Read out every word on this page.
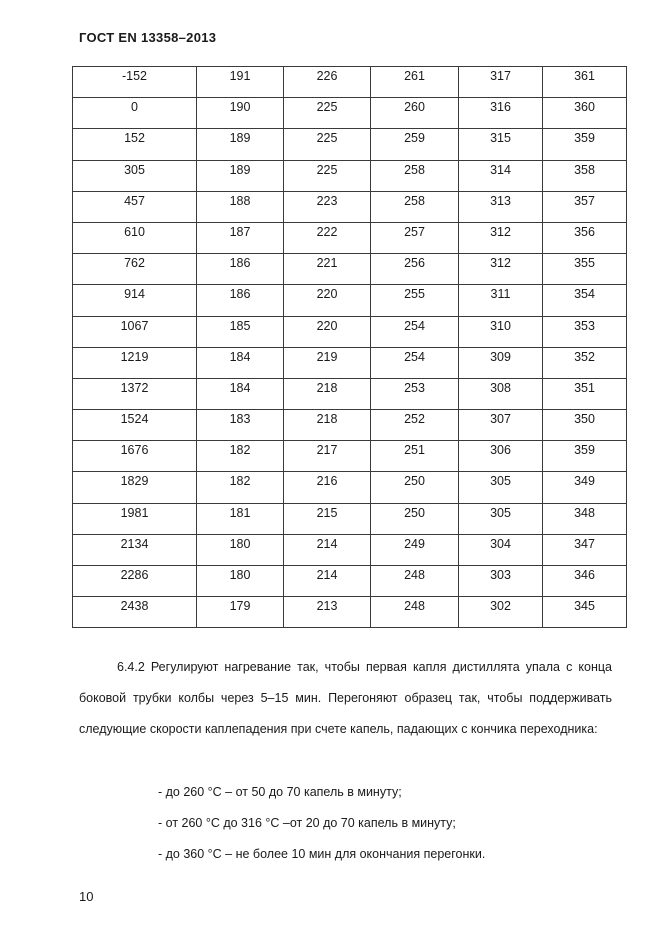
ГОСТ EN 13358–2013
-152	191	226	261	317	361

0	190	225	260	316	360

152	189	225	259	315	359

305	189	225	258	314	358

457	188	223	258	313	357

610	187	222	257	312	356

762	186	221	256	312	355

914	186	220	255	311	354

1067	185	220	254	310	353

1219	184	219	254	309	352

1372	184	218	253	308	351

1524	183	218	252	307	350

1676	182	217	251	306	359

1829	182	216	250	305	349

1981	181	215	250	305	348

2134	180	214	249	304	347

2286	180	214	248	303	346

2438	179	213	248	302	345
6.4.2 Регулируют нагревание так, чтобы первая капля дистиллята упала с конца боковой трубки колбы через 5–15 мин. Перегоняют образец так, чтобы поддерживать следующие скорости каплепадения при счете капель, падающих с кончика переходника:
- до 260 °С – от 50 до 70 капель в минуту;
- от 260 °С до 316 °С –от 20 до 70 капель в минуту;
- до 360 °С – не более 10 мин для окончания перегонки.
10
